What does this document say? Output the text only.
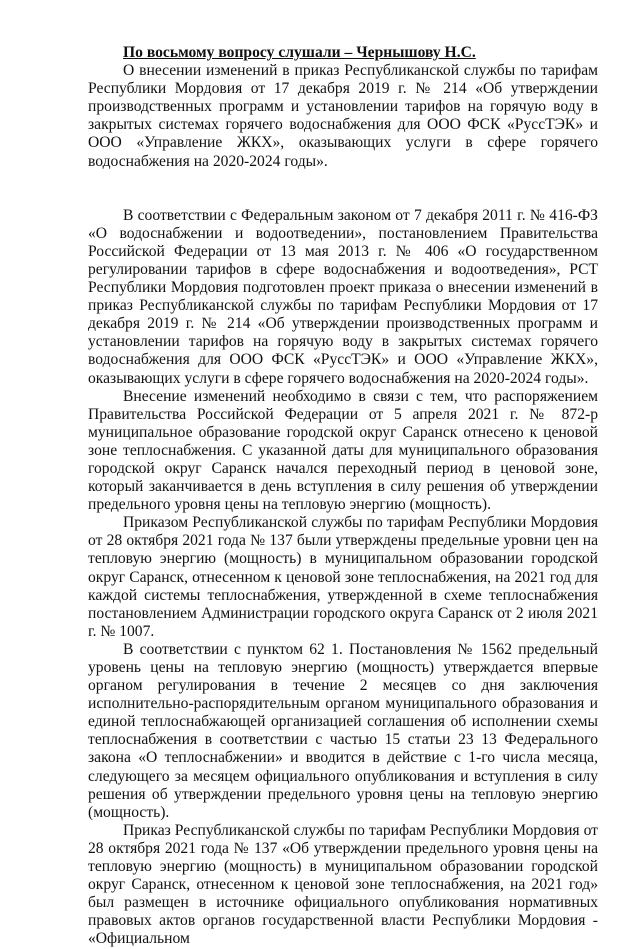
По восьмому вопросу слушали – Чернышову Н.С.

О внесении изменений в приказ Республиканской службы по тарифам Республики Мордовия от 17 декабря 2019 г. № 214 «Об утверждении производственных программ и установлении тарифов на горячую воду в закрытых системах горячего водоснабжения для ООО ФСК «РуссТЭК» и ООО «Управление ЖКХ», оказывающих услуги в сфере горячего водоснабжения на 2020-2024 годы».

В соответствии с Федеральным законом от 7 декабря 2011 г. № 416-ФЗ «О водоснабжении и водоотведении», постановлением Правительства Российской Федерации от 13 мая 2013 г. № 406 «О государственном регулировании тарифов в сфере водоснабжения и водоотведения», РСТ Республики Мордовия подготовлен проект приказа о внесении изменений в приказ Республиканской службы по тарифам Республики Мордовия от 17 декабря 2019 г. № 214 «Об утверждении производственных программ и установлении тарифов на горячую воду в закрытых системах горячего водоснабжения для ООО ФСК «РуссТЭК» и ООО «Управление ЖКХ», оказывающих услуги в сфере горячего водоснабжения на 2020-2024 годы».

Внесение изменений необходимо в связи с тем, что распоряжением Правительства Российской Федерации от 5 апреля 2021 г. № 872-р муниципальное образование городской округ Саранск отнесено к ценовой зоне теплоснабжения. С указанной даты для муниципального образования городской округ Саранск начался переходный период в ценовой зоне, который заканчивается в день вступления в силу решения об утверждении предельного уровня цены на тепловую энергию (мощность).

Приказом Республиканской службы по тарифам Республики Мордовия от 28 октября 2021 года № 137 были утверждены предельные уровни цен на тепловую энергию (мощность) в муниципальном образовании городской округ Саранск, отнесенном к ценовой зоне теплоснабжения, на 2021 год для каждой системы теплоснабжения, утвержденной в схеме теплоснабжения постановлением Администрации городского округа Саранск от 2 июля 2021 г. № 1007.

В соответствии с пунктом 62 1. Постановления № 1562 предельный уровень цены на тепловую энергию (мощность) утверждается впервые органом регулирования в течение 2 месяцев со дня заключения исполнительно-распорядительным органом муниципального образования и единой теплоснабжающей организацией соглашения об исполнении схемы теплоснабжения в соответствии с частью 15 статьи 23 13 Федерального закона «О теплоснабжении» и вводится в действие с 1-го числа месяца, следующего за месяцем официального опубликования и вступления в силу решения об утверждении предельного уровня цены на тепловую энергию (мощность).

Приказ Республиканской службы по тарифам Республики Мордовия от 28 октября 2021 года № 137 «Об утверждении предельного уровня цены на тепловую энергию (мощность) в муниципальном образовании городской округ Саранск, отнесенном к ценовой зоне теплоснабжения, на 2021 год» был размещен в источнике официального опубликования нормативных правовых актов органов государственной власти Республики Мордовия - «Официальном
